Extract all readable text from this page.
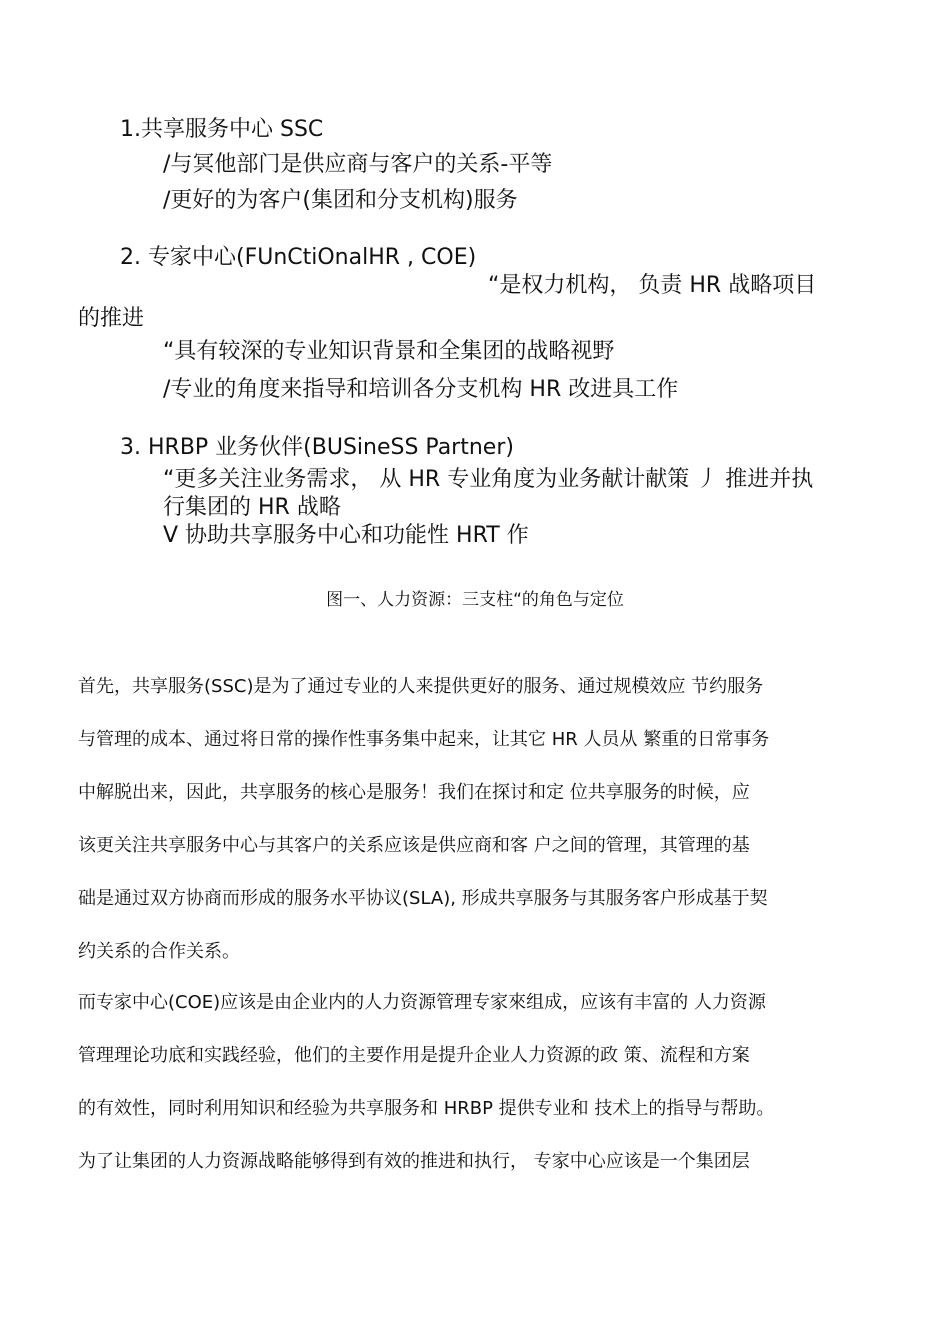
1.共享服务中心 SSC

/与冥他部门是供应商与客户的关系-平等

/更好的为客户(集团和分支机构)服务

2. 专家中心(FUnCtiOnalHR , COE)

“是权力机构， 负责 HR 战略项目

的推进

“具有较深的专业知识背景和全集团的战略视野

/专业的角度来指导和培训各分支机构 HR 改进具工作

3. HRBP 业务伙伴(BUSineSS Partner)

“更多关注业务需求， 从 HR 专业角度为业务献计献策 丿 推进并执

行集团的 HR 战略

V 协助共享服务中心和功能性 HRT 作

图一、人力资源：三支柱“的角色与定位

首先，共享服务(SSC)是为了通过专业的人来提供更好的服务、通过规模效应 节约服务
与管理的成本、通过将日常的操作性事务集中起来，让其它 HR 人员从 繁重的日常事务
中解脱出来，因此，共享服务的核心是服务！我们在探讨和定 位共享服务的时候，应
该更关注共享服务中心与其客户的关系应该是供应商和客 户之间的管理，其管理的基
础是通过双方协商而形成的服务水平协议(SLA), 形成共享服务与其服务客户形成基于契
约关系的合作关系。
而专家中心(COE)应该是由企业内的人力资源管理专家來组成，应该有丰富的 人力资源
管理理论功底和实践经验，他们的主要作用是提升企业人力资源的政 策、流程和方案
的有效性，同时利用知识和经验为共享服务和 HRBP 提供专业和 技术上的指导与帮助。
为了让集团的人力资源战略能够得到有效的推进和执行， 专家中心应该是一个集团层
